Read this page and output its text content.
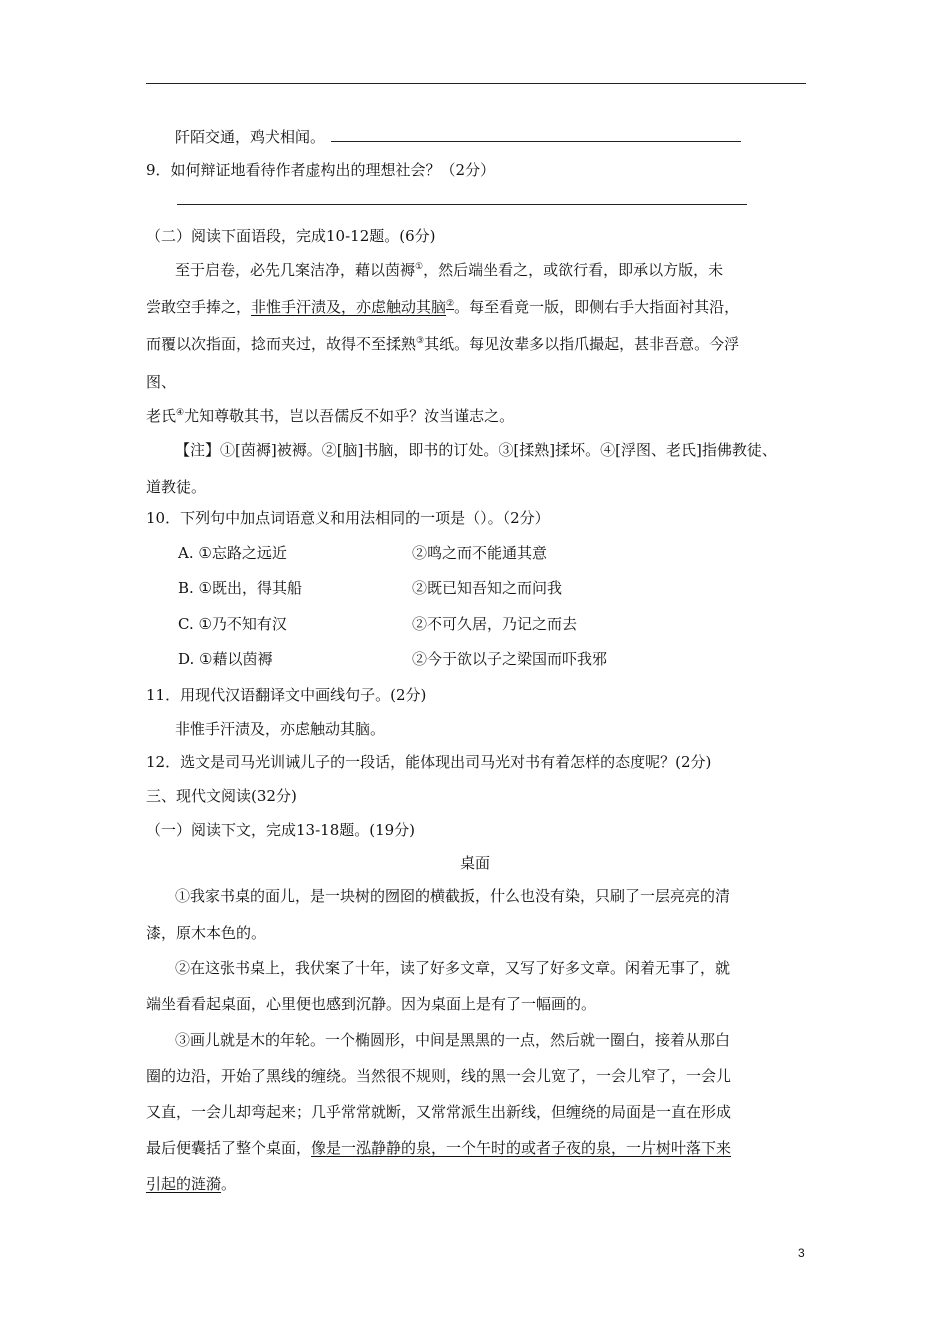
阡陌交通，鸡犬相闻。
9．如何辩证地看待作者虚构出的理想社会？（2分）
（二）阅读下面语段，完成10-12题。(6分)
至于启卷，必先几案洁净，藉以茵褥①，然后端坐看之，或欲行看，即承以方版，未
尝敢空手捧之，非惟手汗渍及，亦虑触动其脑②。每至看竟一版，即侧右手大指面衬其沿，
而覆以次指面，捻而夹过，故得不至揉熟③其纸。每见汝辈多以指爪撮起，甚非吾意。今浮
图、
老氏④尤知尊敬其书，岂以吾儒反不如乎？汝当谨志之。
【注】①[茵褥]被褥。②[脑]书脑，即书的订处。③[揉熟]揉坏。④[浮图、老氏]指佛教徒、
道教徒。
10．下列句中加点词语意义和用法相同的一项是（）。（2分）
A. ①忘路之远近	②鸣之而不能通其意
B. ①既出，得其船	②既已知吾知之而问我
C. ①乃不知有汉	②不可久居，乃记之而去
D. ①藉以茵褥	②今于欲以子之梁国而吓我邪
11．用现代汉语翻译文中画线句子。(2分)
非惟手汗渍及，亦虑触动其脑。
12．选文是司马光训诫儿子的一段话，能体现出司马光对书有着怎样的态度呢？(2分)
三、现代文阅读(32分)
（一）阅读下文，完成13-18题。(19分)
桌面
①我家书桌的面儿，是一块树的囫囵的横截扳，什么也没有染，只刷了一层亮亮的清
漆，原木本色的。
②在这张书桌上，我伏案了十年，读了好多文章，又写了好多文章。闲着无事了，就
端坐看看起桌面，心里便也感到沉静。因为桌面上是有了一幅画的。
③画儿就是木的年轮。一个椭圆形，中间是黑黑的一点，然后就一圈白，接着从那白
圈的边沿，开始了黑线的缠绕。当然很不规则，线的黑一会儿宽了，一会儿窄了，一会儿
又直，一会儿却弯起来；几乎常常就断，又常常派生出新线，但缠绕的局面是一直在形成
最后便囊括了整个桌面，像是一泓静静的泉，一个午时的或者子夜的泉，一片树叶落下来
引起的涟漪。
3
